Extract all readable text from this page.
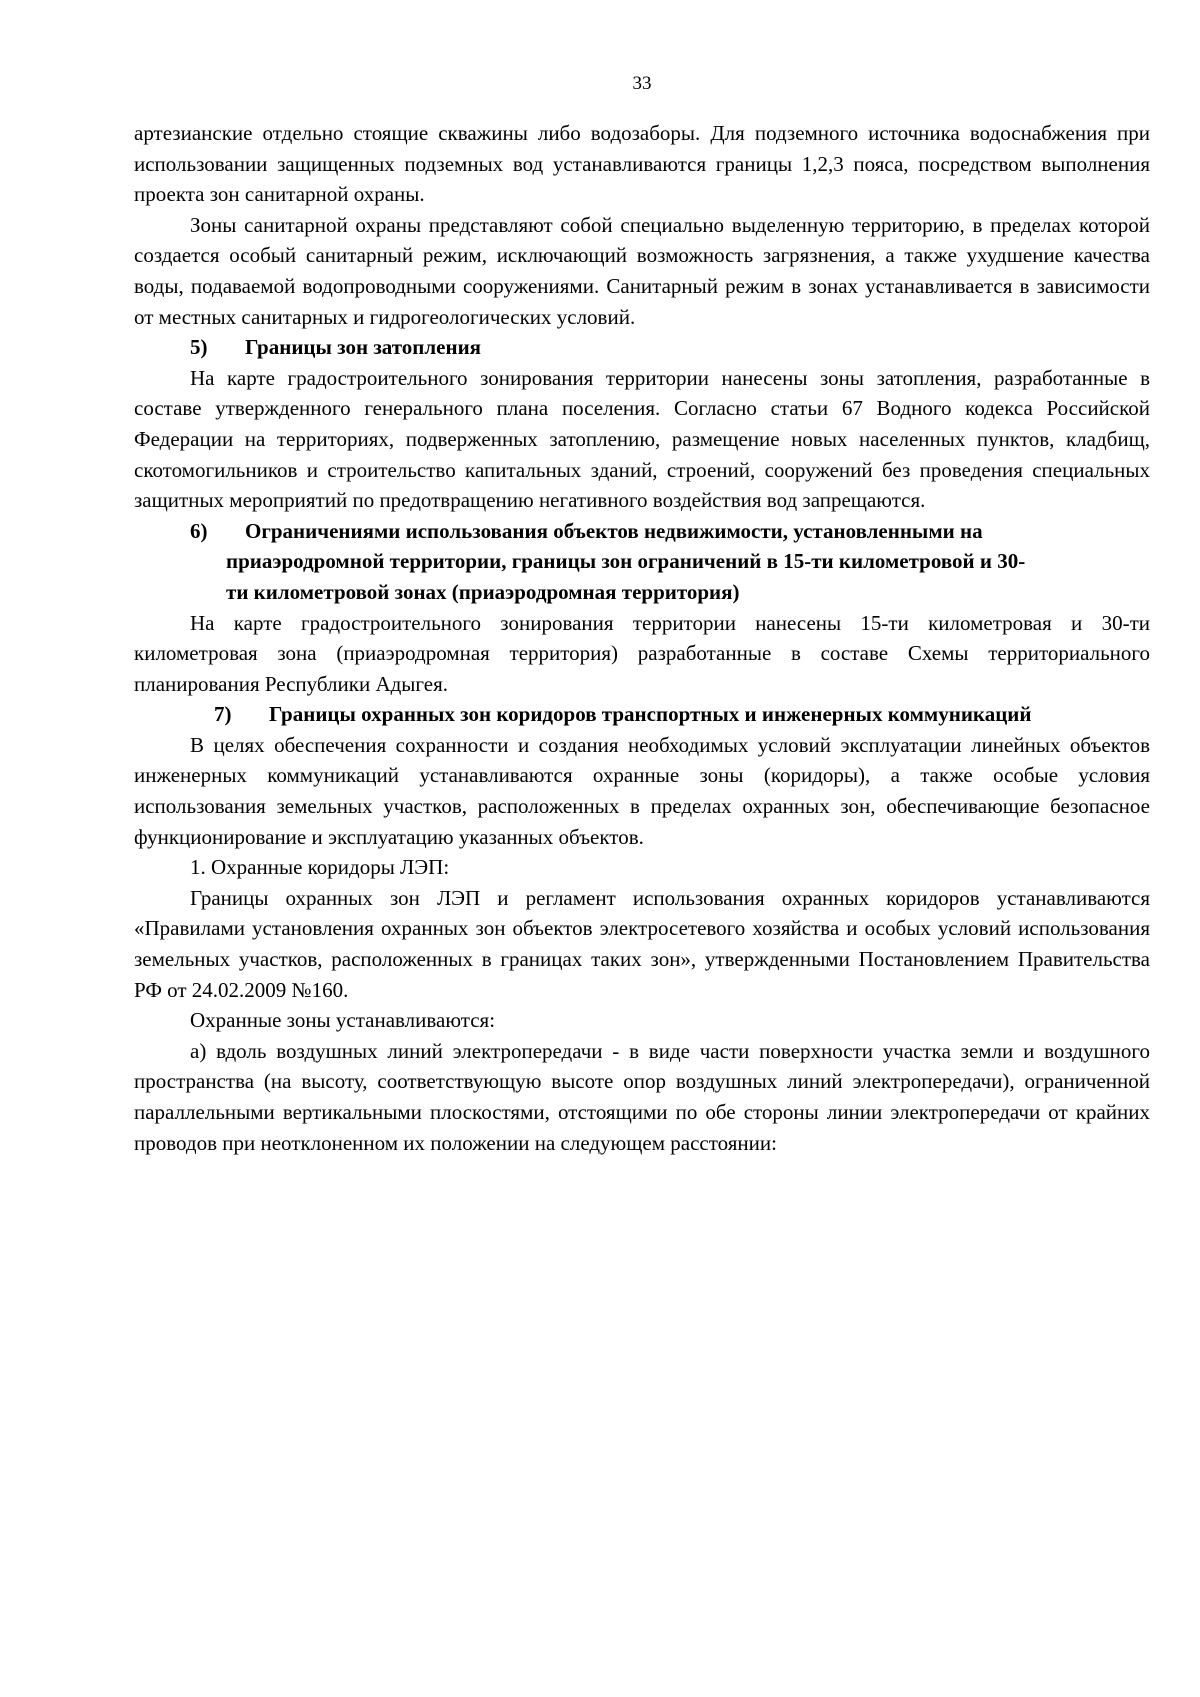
33

артезианские отдельно стоящие скважины либо водозаборы. Для подземного источника водоснабжения при использовании защищенных подземных вод устанавливаются границы 1,2,3 пояса, посредством выполнения проекта зон санитарной охраны.

Зоны санитарной охраны представляют собой специально выделенную территорию, в пределах которой создается особый санитарный режим, исключающий возможность загрязнения, а также ухудшение качества воды, подаваемой водопроводными сооружениями. Санитарный режим в зонах устанавливается в зависимости от местных санитарных и гидрогеологических условий.

5)	Границы зон затопления

На карте градостроительного зонирования территории нанесены зоны затопления, разработанные в составе утвержденного генерального плана поселения. Согласно статьи 67 Водного кодекса Российской Федерации на территориях, подверженных затоплению, размещение новых населенных пунктов, кладбищ, скотомогильников и строительство капитальных зданий, строений, сооружений без проведения специальных защитных мероприятий по предотвращению негативного воздействия вод запрещаются.

6) Ограничениями использования объектов недвижимости, установленными на
приаэродромной территории, границы зон ограничений в 15-ти километровой и 30-
ти километровой зонах (приаэродромная территория)

На карте градостроительного зонирования территории нанесены 15-ти километровая и 30-ти километровая зона (приаэродромная территория) разработанные в составе Схемы территориального планирования Республики Адыгея.

7)	Границы охранных зон коридоров транспортных и инженерных коммуникаций

В целях обеспечения сохранности и создания необходимых условий эксплуатации линейных объектов инженерных коммуникаций устанавливаются охранные зоны (коридоры), а также особые условия использования земельных участков, расположенных в пределах охранных зон, обеспечивающие безопасное функционирование и эксплуатацию указанных объектов.

1. Охранные коридоры ЛЭП:

Границы охранных зон ЛЭП и регламент использования охранных коридоров устанавливаются «Правилами установления охранных зон объектов электросетевого хозяйства и особых условий использования земельных участков, расположенных в границах таких зон», утвержденными Постановлением Правительства РФ от 24.02.2009 №160.

Охранные зоны устанавливаются:

а) вдоль воздушных линий электропередачи - в виде части поверхности участка земли и воздушного пространства (на высоту, соответствующую высоте опор воздушных линий электропередачи), ограниченной параллельными вертикальными плоскостями, отстоящими по обе стороны линии электропередачи от крайних проводов при неотклоненном их положении на следующем расстоянии:
